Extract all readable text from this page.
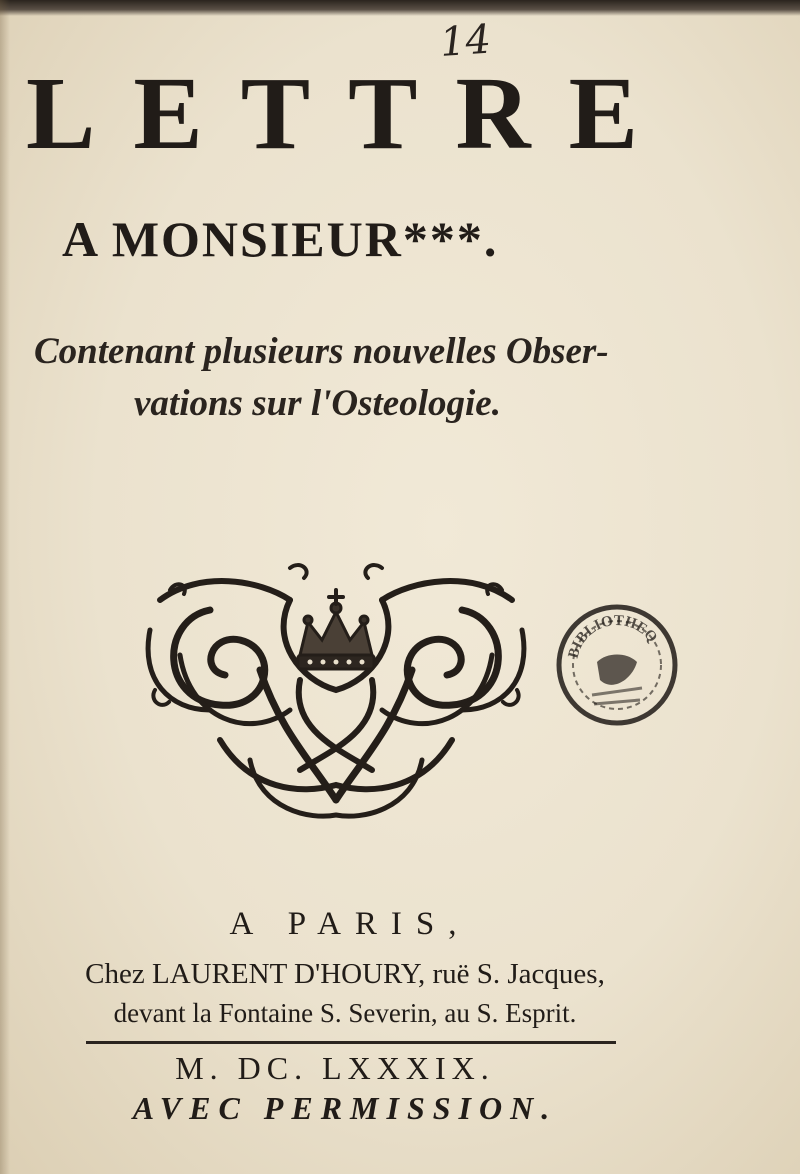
14
LETTRE
A MONSIEUR***.
Contenant plusieurs nouvelles Obser-
vations sur l'Osteologie.
BIBLIOTHEQ
A PARIS,
Chez LAURENT D'HOURY, ruë S. Jacques,
devant la Fontaine S. Severin, au S. Esprit.
M. DC. LXXXIX.
AVEC PERMISSION.
